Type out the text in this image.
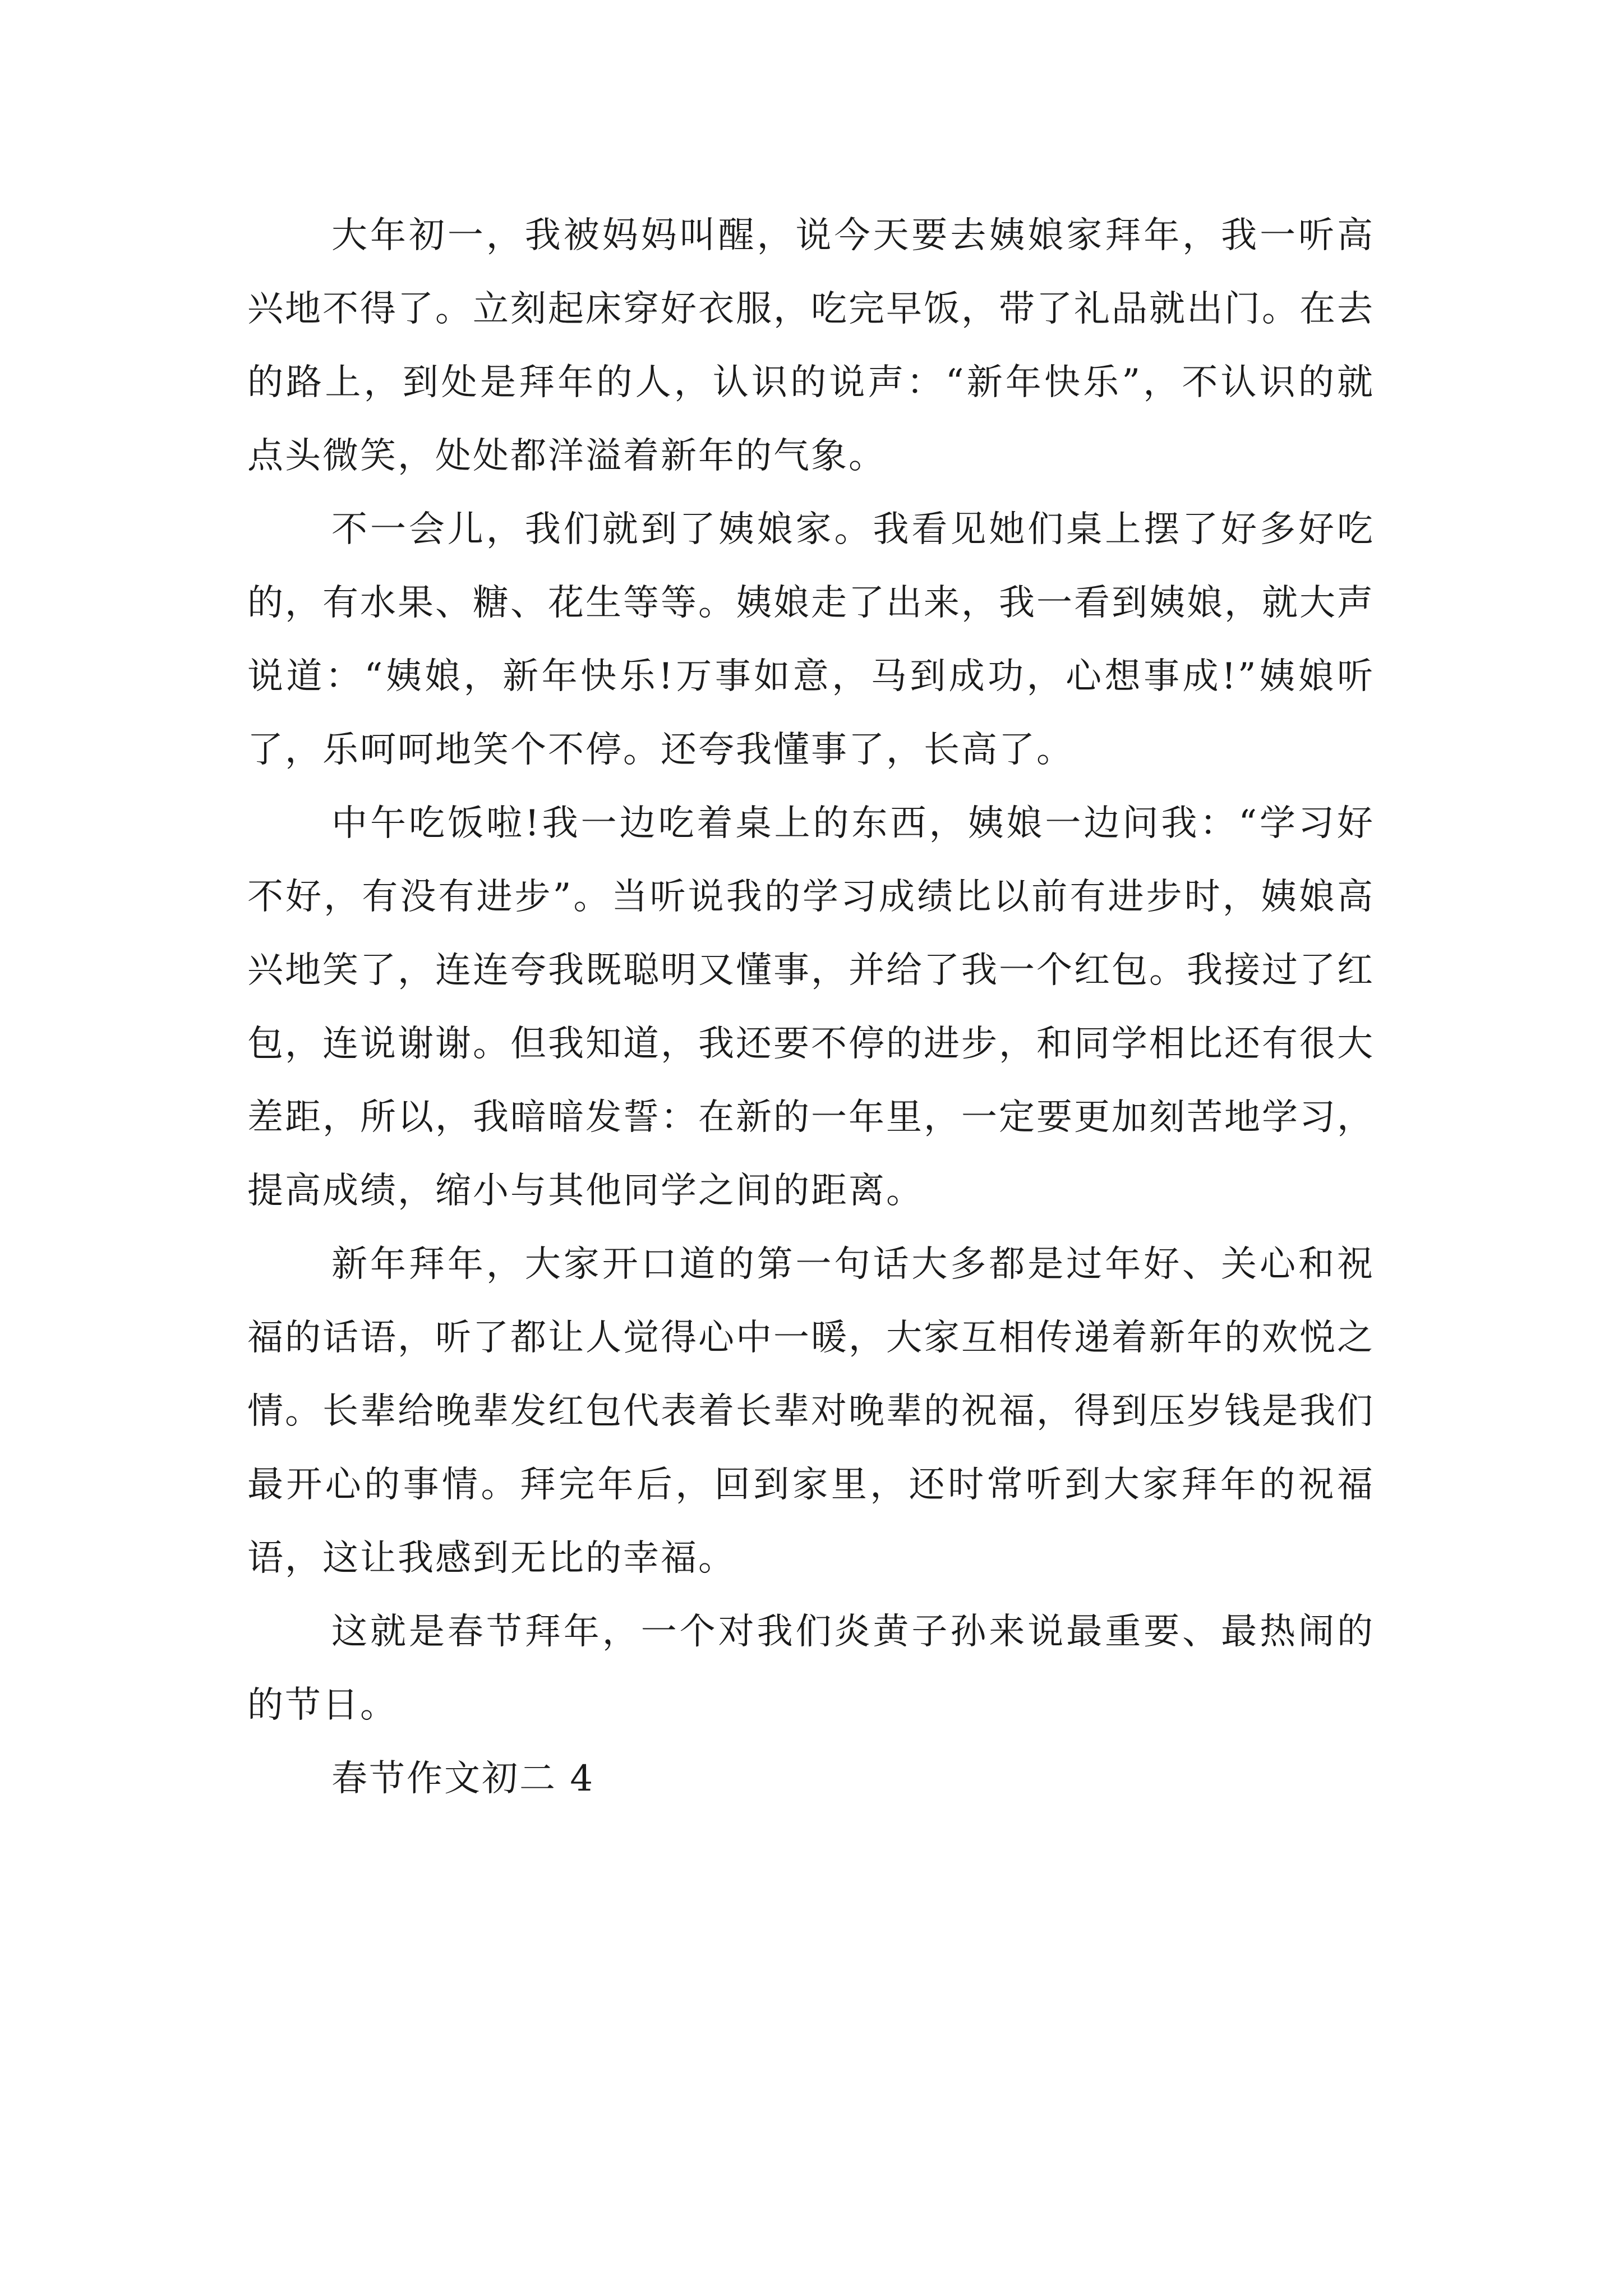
大年初一，我被妈妈叫醒，说今天要去姨娘家拜年，我一听高兴地不得了。立刻起床穿好衣服，吃完早饭，带了礼品就出门。在去的路上，到处是拜年的人，认识的说声：“新年快乐”，不认识的就点头微笑，处处都洋溢着新年的气象。

不一会儿，我们就到了姨娘家。我看见她们桌上摆了好多好吃的，有水果、糖、花生等等。姨娘走了出来，我一看到姨娘，就大声说道：“姨娘，新年快乐!万事如意，马到成功，心想事成!”姨娘听了，乐呵呵地笑个不停。还夸我懂事了，长高了。

中午吃饭啦!我一边吃着桌上的东西，姨娘一边问我：“学习好不好，有没有进步”。当听说我的学习成绩比以前有进步时，姨娘高兴地笑了，连连夸我既聪明又懂事，并给了我一个红包。我接过了红包，连说谢谢。但我知道，我还要不停的进步，和同学相比还有很大差距，所以，我暗暗发誓：在新的一年里，一定要更加刻苦地学习，提高成绩，缩小与其他同学之间的距离。

新年拜年，大家开口道的第一句话大多都是过年好、关心和祝福的话语，听了都让人觉得心中一暖，大家互相传递着新年的欢悦之情。长辈给晚辈发红包代表着长辈对晚辈的祝福，得到压岁钱是我们最开心的事情。拜完年后，回到家里，还时常听到大家拜年的祝福语，这让我感到无比的幸福。

这就是春节拜年，一个对我们炎黄子孙来说最重要、最热闹的的节日。

春节作文初二 4
